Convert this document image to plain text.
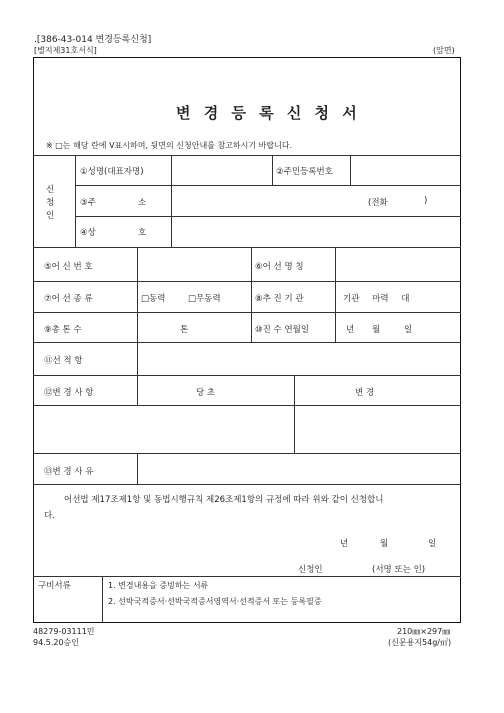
.[386-43-014 변경등록신청]
[별지제31호서식]	(앞면)
변 경 등 록 신 청 서
※ □는 해당 란에 V표시하며, 뒷면의 신청안내를 참고하시기 바랍니다.
신
청
인
①성명(대표자명)	②주민등록번호
③주	소	(전화	)
④상	호
⑤어 신 번 호	⑥어 선 명 칭
⑦어 선 종 류	□동력	□무동력	⑧추 진 기 관	기관 마력 대
⑨총 톤 수	톤	⑩진 수 연월일	년 월	일
⑪선 적 항
⑫변 경 사 항	당 초	변 경
⑬변 경 사 유
어선법 제17조제1항 및 동법시행규칙 제26조제1항의 규정에 따라 위와 같이 신청합니
다.
년	월	일
신청인	(서명 또는 인)
구비서류	1. 변경내용을 증빙하는 서류
2. 선박국적증서·선박국적증서영역서·선적증서 또는 등록필증
48279-03111민
94.5.20승인
210㎜×297㎜
(신문용지54g/㎡)
